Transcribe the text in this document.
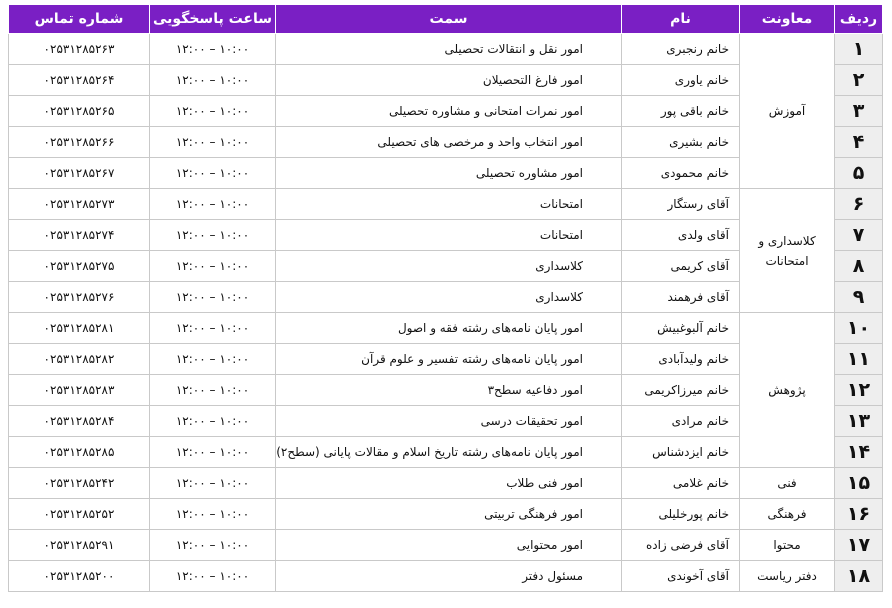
ردیف	معاونت	نام	سمت	ساعت پاسخگویی	شماره تماس
۱	آموزش	خانم رنجبری	امور نقل و انتقالات تحصیلی	۱۰:۰۰ – ۱۲:۰۰	۰۲۵۳۱۲۸۵۲۶۳
۲		خانم یاوری	امور فارغ التحصیلان	۱۰:۰۰ – ۱۲:۰۰	۰۲۵۳۱۲۸۵۲۶۴
۳		خانم باقی پور	امور نمرات امتحانی و مشاوره تحصیلی	۱۰:۰۰ – ۱۲:۰۰	۰۲۵۳۱۲۸۵۲۶۵
۴		خانم بشیری	امور انتخاب واحد و مرخصی های تحصیلی	۱۰:۰۰ – ۱۲:۰۰	۰۲۵۳۱۲۸۵۲۶۶
۵		خانم محمودی	امور مشاوره تحصیلی	۱۰:۰۰ – ۱۲:۰۰	۰۲۵۳۱۲۸۵۲۶۷
۶	کلاسداری و امتحانات	آقای رستگار	امتحانات	۱۰:۰۰ – ۱۲:۰۰	۰۲۵۳۱۲۸۵۲۷۳
۷		آقای ولدی	امتحانات	۱۰:۰۰ – ۱۲:۰۰	۰۲۵۳۱۲۸۵۲۷۴
۸		آقای کریمی	کلاسداری	۱۰:۰۰ – ۱۲:۰۰	۰۲۵۳۱۲۸۵۲۷۵
۹		آقای فرهمند	کلاسداری	۱۰:۰۰ – ۱۲:۰۰	۰۲۵۳۱۲۸۵۲۷۶
۱۰	پژوهش	خانم آلبوغبیش	امور پایان نامه‌های رشته فقه و اصول	۱۰:۰۰ – ۱۲:۰۰	۰۲۵۳۱۲۸۵۲۸۱
۱۱		خانم ولیدآبادی	امور پایان نامه‌های رشته تفسیر و علوم قرآن	۱۰:۰۰ – ۱۲:۰۰	۰۲۵۳۱۲۸۵۲۸۲
۱۲		خانم میرزاکریمی	امور دفاعیه سطح۳	۱۰:۰۰ – ۱۲:۰۰	۰۲۵۳۱۲۸۵۲۸۳
۱۳		خانم مرادی	امور تحقیقات درسی	۱۰:۰۰ – ۱۲:۰۰	۰۲۵۳۱۲۸۵۲۸۴
۱۴		خانم ایزدشناس	امور پایان نامه‌های رشته تاریخ اسلام و مقالات پایانی (سطح۲)	۱۰:۰۰ – ۱۲:۰۰	۰۲۵۳۱۲۸۵۲۸۵
۱۵	فنی	خانم غلامی	امور فنی طلاب	۱۰:۰۰ – ۱۲:۰۰	۰۲۵۳۱۲۸۵۲۴۲
۱۶	فرهنگی	خانم پورخلیلی	امور فرهنگی تربیتی	۱۰:۰۰ – ۱۲:۰۰	۰۲۵۳۱۲۸۵۲۵۲
۱۷	محتوا	آقای فرضی زاده	امور محتوایی	۱۰:۰۰ – ۱۲:۰۰	۰۲۵۳۱۲۸۵۲۹۱
۱۸	دفتر ریاست	آقای آخوندی	مسئول دفتر	۱۰:۰۰ – ۱۲:۰۰	۰۲۵۳۱۲۸۵۲۰۰
